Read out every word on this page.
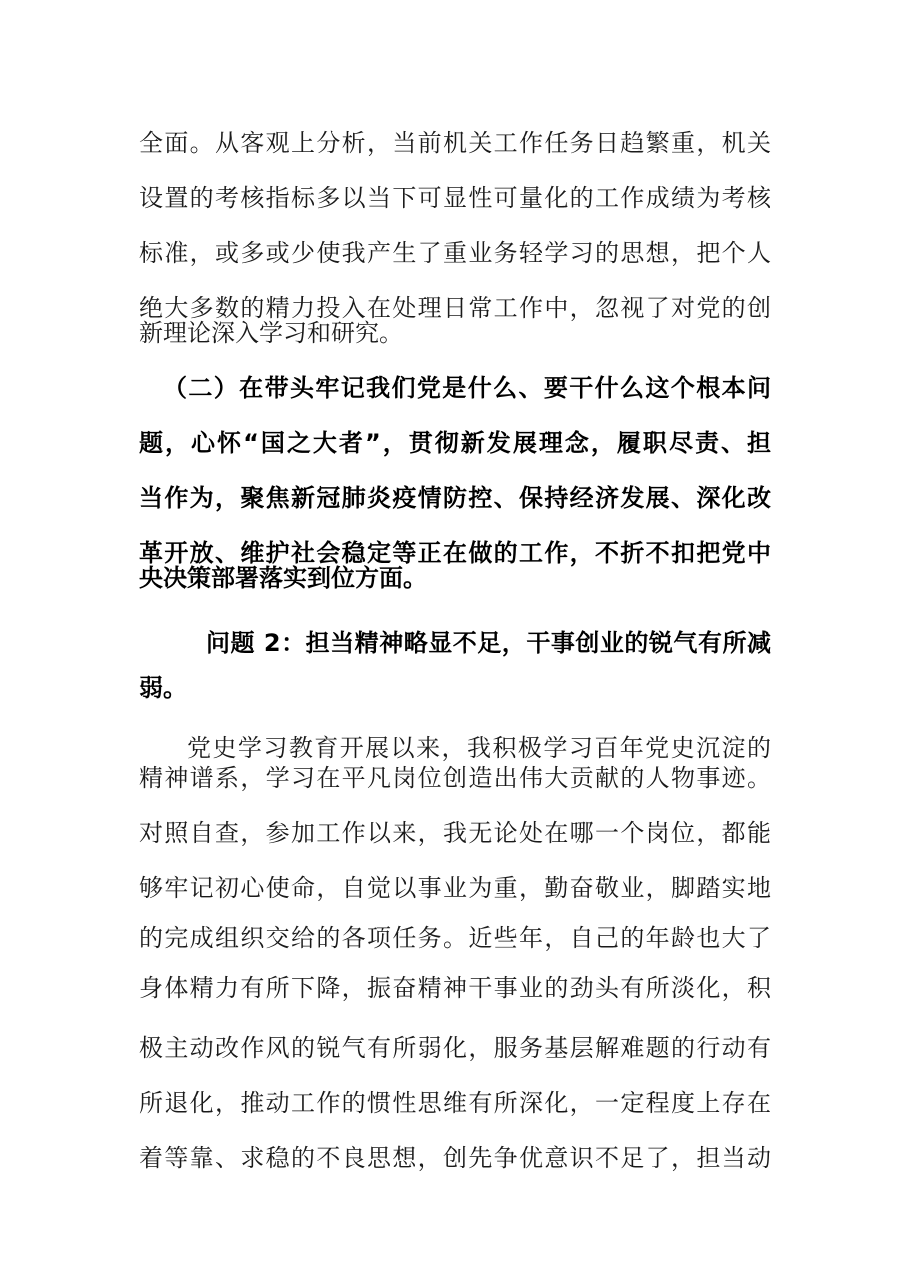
全面。从客观上分析，当前机关工作任务日趋繁重，机关
设置的考核指标多以当下可显性可量化的工作成绩为考核
标准，或多或少使我产生了重业务轻学习的思想，把个人
绝大多数的精力投入在处理日常工作中，忽视了对党的创
新理论深入学习和研究。
（二）在带头牢记我们党是什么、要干什么这个根本问
题，心怀“国之大者”，贯彻新发展理念，履职尽责、担
当作为，聚焦新冠肺炎疫情防控、保持经济发展、深化改
革开放、维护社会稳定等正在做的工作，不折不扣把党中
央决策部署落实到位方面。
问题 2：担当精神略显不足，干事创业的锐气有所减
弱。
党史学习教育开展以来，我积极学习百年党史沉淀的
精神谱系，学习在平凡岗位创造出伟大贡献的人物事迹。
对照自查，参加工作以来，我无论处在哪一个岗位，都能
够牢记初心使命，自觉以事业为重，勤奋敬业，脚踏实地
的完成组织交给的各项任务。近些年，自己的年龄也大了
身体精力有所下降，振奋精神干事业的劲头有所淡化，积
极主动改作风的锐气有所弱化，服务基层解难题的行动有
所退化，推动工作的惯性思维有所深化，一定程度上存在
着等靠、求稳的不良思想，创先争优意识不足了，担当动
